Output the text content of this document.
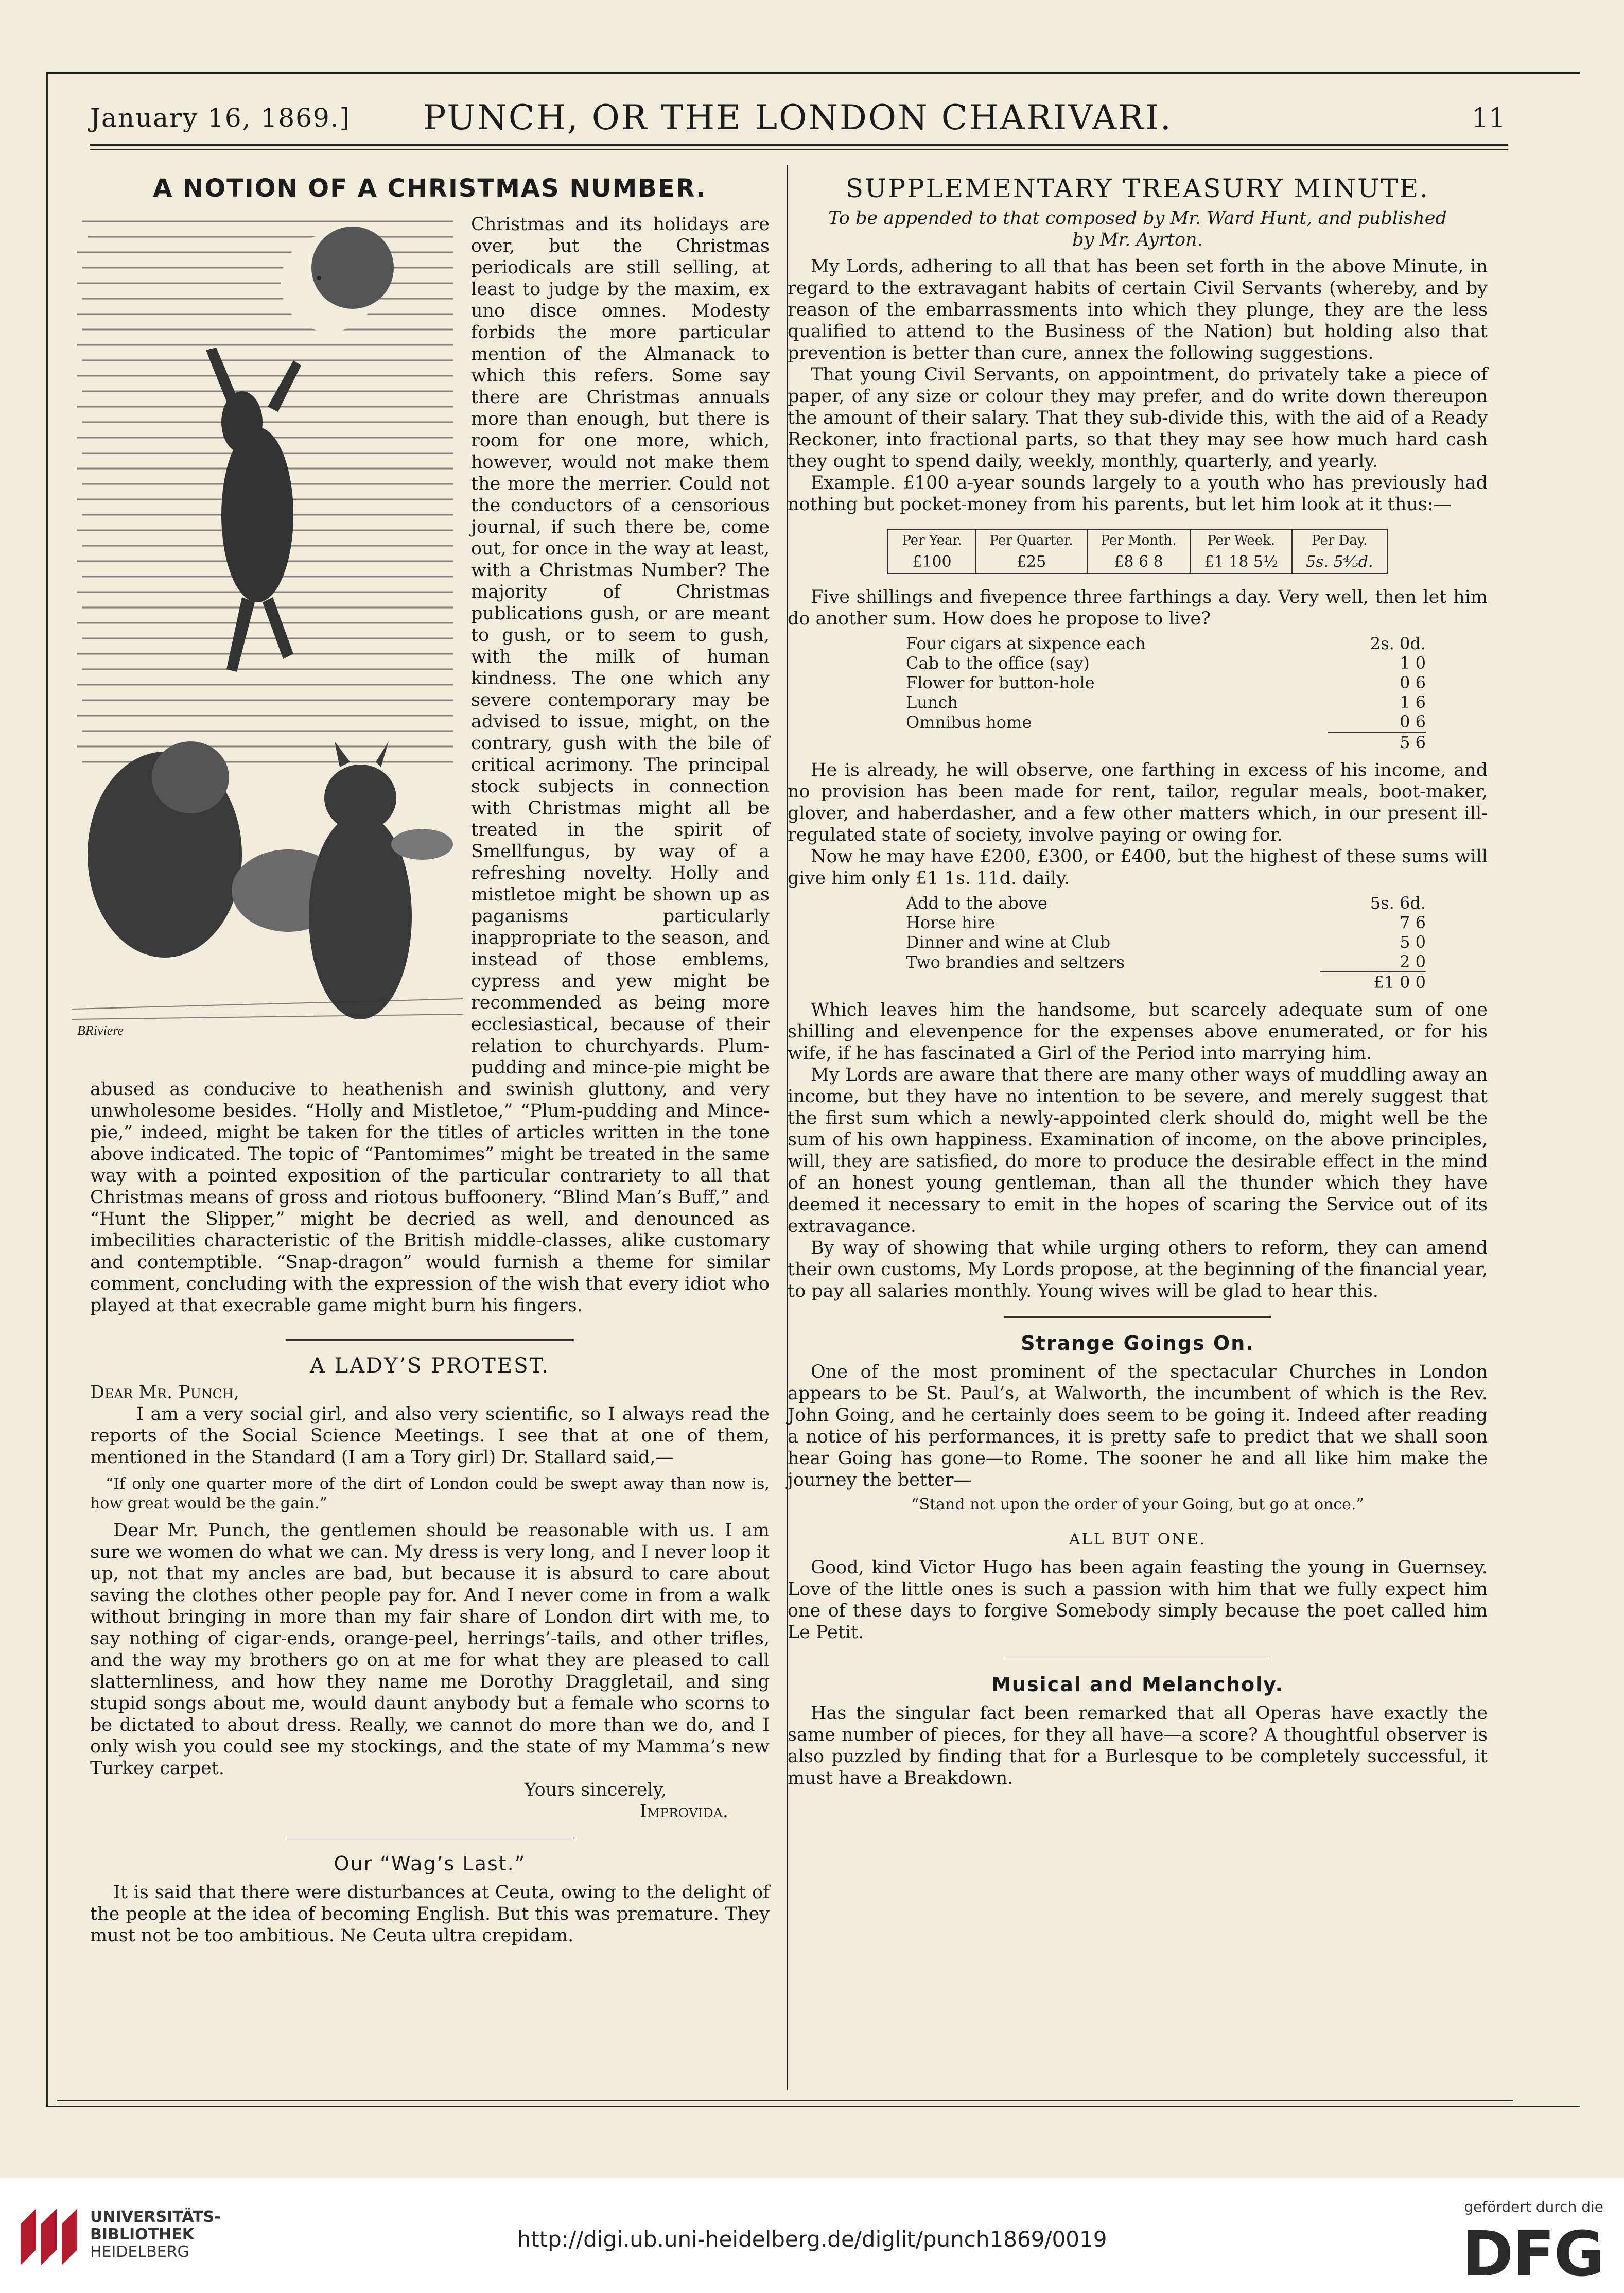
January 16, 1869.]	PUNCH, OR THE LONDON CHARIVARI.	11
BRiviere
A NOTION OF A CHRISTMAS NUMBER.

Christmas and its holidays are over, but the Christmas periodicals are still selling, at least to judge by the maxim, ex uno disce omnes. Modesty forbids the more particular mention of the Almanack to which this refers. Some say there are Christmas annuals more than enough, but there is room for one more, which, however, would not make them the more the merrier. Could not the conductors of a censorious journal, if such there be, come out, for once in the way at least, with a Christmas Number? The majority of Christmas publications gush, or are meant to gush, or to seem to gush, with the milk of human kindness. The one which any severe contemporary may be advised to issue, might, on the contrary, gush with the bile of critical acrimony. The principal stock subjects in connection with Christmas might all be treated in the spirit of Smellfungus, by way of a refreshing novelty. Holly and mistletoe might be shown up as paganisms particularly inappropriate to the season, and instead of those emblems, cypress and yew might be recommended as being more ecclesiastical, because of their relation to churchyards. Plum-pudding and mince-pie might be abused as conducive to heathenish and swinish gluttony, and very unwholesome besides. “Holly and Mistletoe,” “Plum-pudding and Mince-pie,” indeed, might be taken for the titles of articles written in the tone above indicated. The topic of “Pantomimes” might be treated in the same way with a pointed exposition of the particular contrariety to all that Christmas means of gross and riotous buffoonery. “Blind Man’s Buff,” and “Hunt the Slipper,” might be decried as well, and denounced as imbecilities characteristic of the British middle-classes, alike customary and contemptible. “Snap-dragon” would furnish a theme for similar comment, concluding with the expression of the wish that every idiot who played at that execrable game might burn his fingers.

A LADY’S PROTEST.

Dear Mr. Punch,

I am a very social girl, and also very scientific, so I always read the reports of the Social Science Meetings. I see that at one of them, mentioned in the Standard (I am a Tory girl) Dr. Stallard said,—

“If only one quarter more of the dirt of London could be swept away than now is, how great would be the gain.”

Dear Mr. Punch, the gentlemen should be reasonable with us. I am sure we women do what we can. My dress is very long, and I never loop it up, not that my ancles are bad, but because it is absurd to care about saving the clothes other people pay for. And I never come in from a walk without bringing in more than my fair share of London dirt with me, to say nothing of cigar-ends, orange-peel, herrings’-tails, and other trifles, and the way my brothers go on at me for what they are pleased to call slatternliness, and how they name me Dorothy Draggletail, and sing stupid songs about me, would daunt anybody but a female who scorns to be dictated to about dress. Really, we cannot do more than we do, and I only wish you could see my stockings, and the state of my Mamma’s new Turkey carpet.

Yours sincerely,

Improvida.

Our “Wag’s Last.”

It is said that there were disturbances at Ceuta, owing to the delight of the people at the idea of becoming English. But this was premature. They must not be too ambitious. Ne Ceuta ultra crepidam.

SUPPLEMENTARY TREASURY MINUTE.

To be appended to that composed by Mr. Ward Hunt, and published

by Mr. Ayrton.

My Lords, adhering to all that has been set forth in the above Minute, in regard to the extravagant habits of certain Civil Servants (whereby, and by reason of the embarrassments into which they plunge, they are the less qualified to attend to the Business of the Nation) but holding also that prevention is better than cure, annex the following suggestions.

That young Civil Servants, on appointment, do privately take a piece of paper, of any size or colour they may prefer, and do write down thereupon the amount of their salary. That they sub-divide this, with the aid of a Ready Reckoner, into fractional parts, so that they may see how much hard cash they ought to spend daily, weekly, monthly, quarterly, and yearly.

Example. £100 a-year sounds largely to a youth who has previously had nothing but pocket-money from his parents, but let him look at it thus:—

Per Year.	Per Quarter.	Per Month.	Per Week.	Per Day.
£100	£25	£8 6 8	£1 18 5½	5s. 5⅘d.

Five shillings and fivepence three farthings a day. Very well, then let him do another sum. How does he propose to live?

Four cigars at sixpence each	2s. 0d.
Cab to the office (say)	1 0
Flower for button-hole	0 6
Lunch	1 6
Omnibus home	0 6
	5 6

He is already, he will observe, one farthing in excess of his income, and no provision has been made for rent, tailor, regular meals, boot-maker, glover, and haberdasher, and a few other matters which, in our present ill-regulated state of society, involve paying or owing for.

Now he may have £200, £300, or £400, but the highest of these sums will give him only £1 1s. 11d. daily.

Add to the above	5s. 6d.
Horse hire	7 6
Dinner and wine at Club	5 0
Two brandies and seltzers	2 0
	£1 0 0

Which leaves him the handsome, but scarcely adequate sum of one shilling and elevenpence for the expenses above enumerated, or for his wife, if he has fascinated a Girl of the Period into marrying him.

My Lords are aware that there are many other ways of muddling away an income, but they have no intention to be severe, and merely suggest that the first sum which a newly-appointed clerk should do, might well be the sum of his own happiness. Examination of income, on the above principles, will, they are satisfied, do more to produce the desirable effect in the mind of an honest young gentleman, than all the thunder which they have deemed it necessary to emit in the hopes of scaring the Service out of its extravagance.

By way of showing that while urging others to reform, they can amend their own customs, My Lords propose, at the beginning of the financial year, to pay all salaries monthly. Young wives will be glad to hear this.

Strange Goings On.

One of the most prominent of the spectacular Churches in London appears to be St. Paul’s, at Walworth, the incumbent of which is the Rev. John Going, and he certainly does seem to be going it. Indeed after reading a notice of his performances, it is pretty safe to predict that we shall soon hear Going has gone—to Rome. The sooner he and all like him make the journey the better—

“Stand not upon the order of your Going, but go at once.”

ALL BUT ONE.

Good, kind Victor Hugo has been again feasting the young in Guernsey. Love of the little ones is such a passion with him that we fully expect him one of these days to forgive Somebody simply because the poet called him Le Petit.

Musical and Melancholy.

Has the singular fact been remarked that all Operas have exactly the same number of pieces, for they all have—a score? A thoughtful observer is also puzzled by finding that for a Burlesque to be completely successful, it must have a Breakdown.

UNIVERSITÄTS-
BIBLIOTHEK
HEIDELBERG
http://digi.ub.uni-heidelberg.de/diglit/punch1869/0019
gefördert durch die
DFG
